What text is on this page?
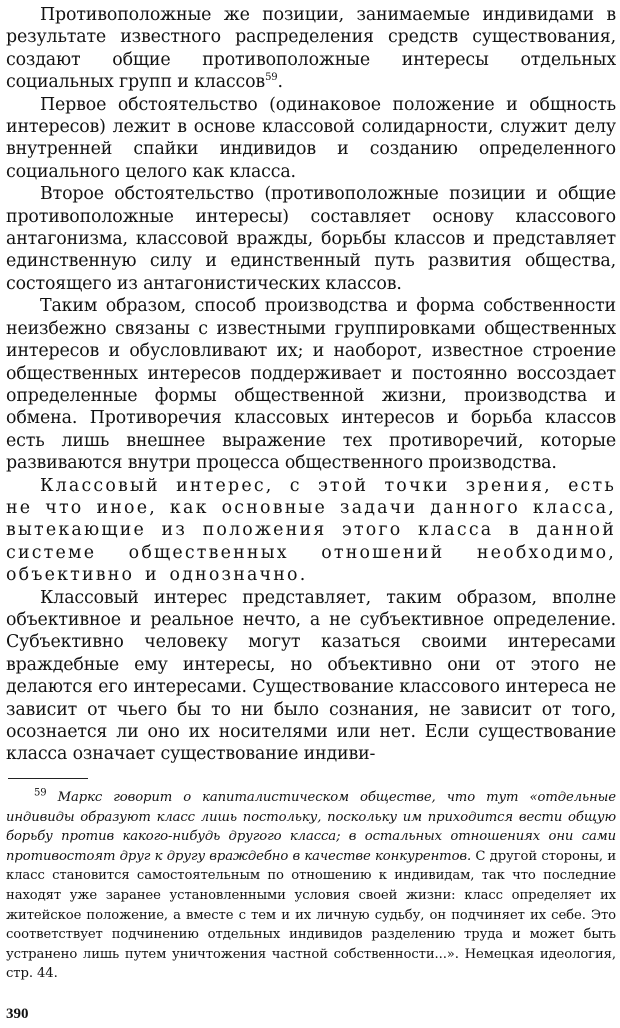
Противоположные же позиции, занимаемые индивидами в результате известного распределения средств существования, создают общие противоположные интересы отдельных социальных групп и классов$^{59}$.

Первое обстоятельство (одинаковое положение и общность интересов) лежит в основе классовой солидарности, служит делу внутренней спайки индивидов и созданию определенного социального целого как класса.

Второе обстоятельство (противоположные позиции и общие противоположные интересы) составляет основу классового антагонизма, классовой вражды, борьбы классов и представляет единственную силу и единственный путь развития общества, состоящего из антагонистических классов.

Таким образом, способ производства и форма собственности неизбежно связаны с известными группировками общественных интересов и обусловливают их; и наоборот, известное строение общественных интересов поддерживает и постоянно воссоздает определенные формы общественной жизни, производства и обмена. Противоречия классовых интересов и борьба классов есть лишь внешнее выражение тех противоречий, которые развиваются внутри процесса общественного производства.

Классовый интерес, с этой точки зрения, есть не что иное, как основные задачи данного класса, вытекающие из положения этого класса в данной системе общественных отношений необходимо, объективно и однозначно.

Классовый интерес представляет, таким образом, вполне объективное и реальное нечто, а не субъективное определение. Субъективно человеку могут казаться своими интересами враждебные ему интересы, но объективно они от этого не делаются его интересами. Существование классового интереса не зависит от чьего бы то ни было сознания, не зависит от того, осознается ли оно их носителями или нет. Если существование класса означает существование индиви-

$^{59}$ Маркс говорит о капиталистическом обществе, что тут «отдельные индивиды образуют класс лишь постольку, поскольку им приходится вести общую борьбу против какого-нибудь другого класса; в остальных отношениях они сами противостоят друг к другу враждебно в качестве конкурентов. С другой стороны, и класс становится самостоятельным по отношению к индивидам, так что последние находят уже заранее установленными условия своей жизни: класс определяет их житейское положение, а вместе с тем и их личную судьбу, он подчиняет их себе. Это соответствует подчинению отдельных индивидов разделению труда и может быть устранено лишь путем уничтожения частной собственности...». Немецкая идеология, стр. 44.

390
